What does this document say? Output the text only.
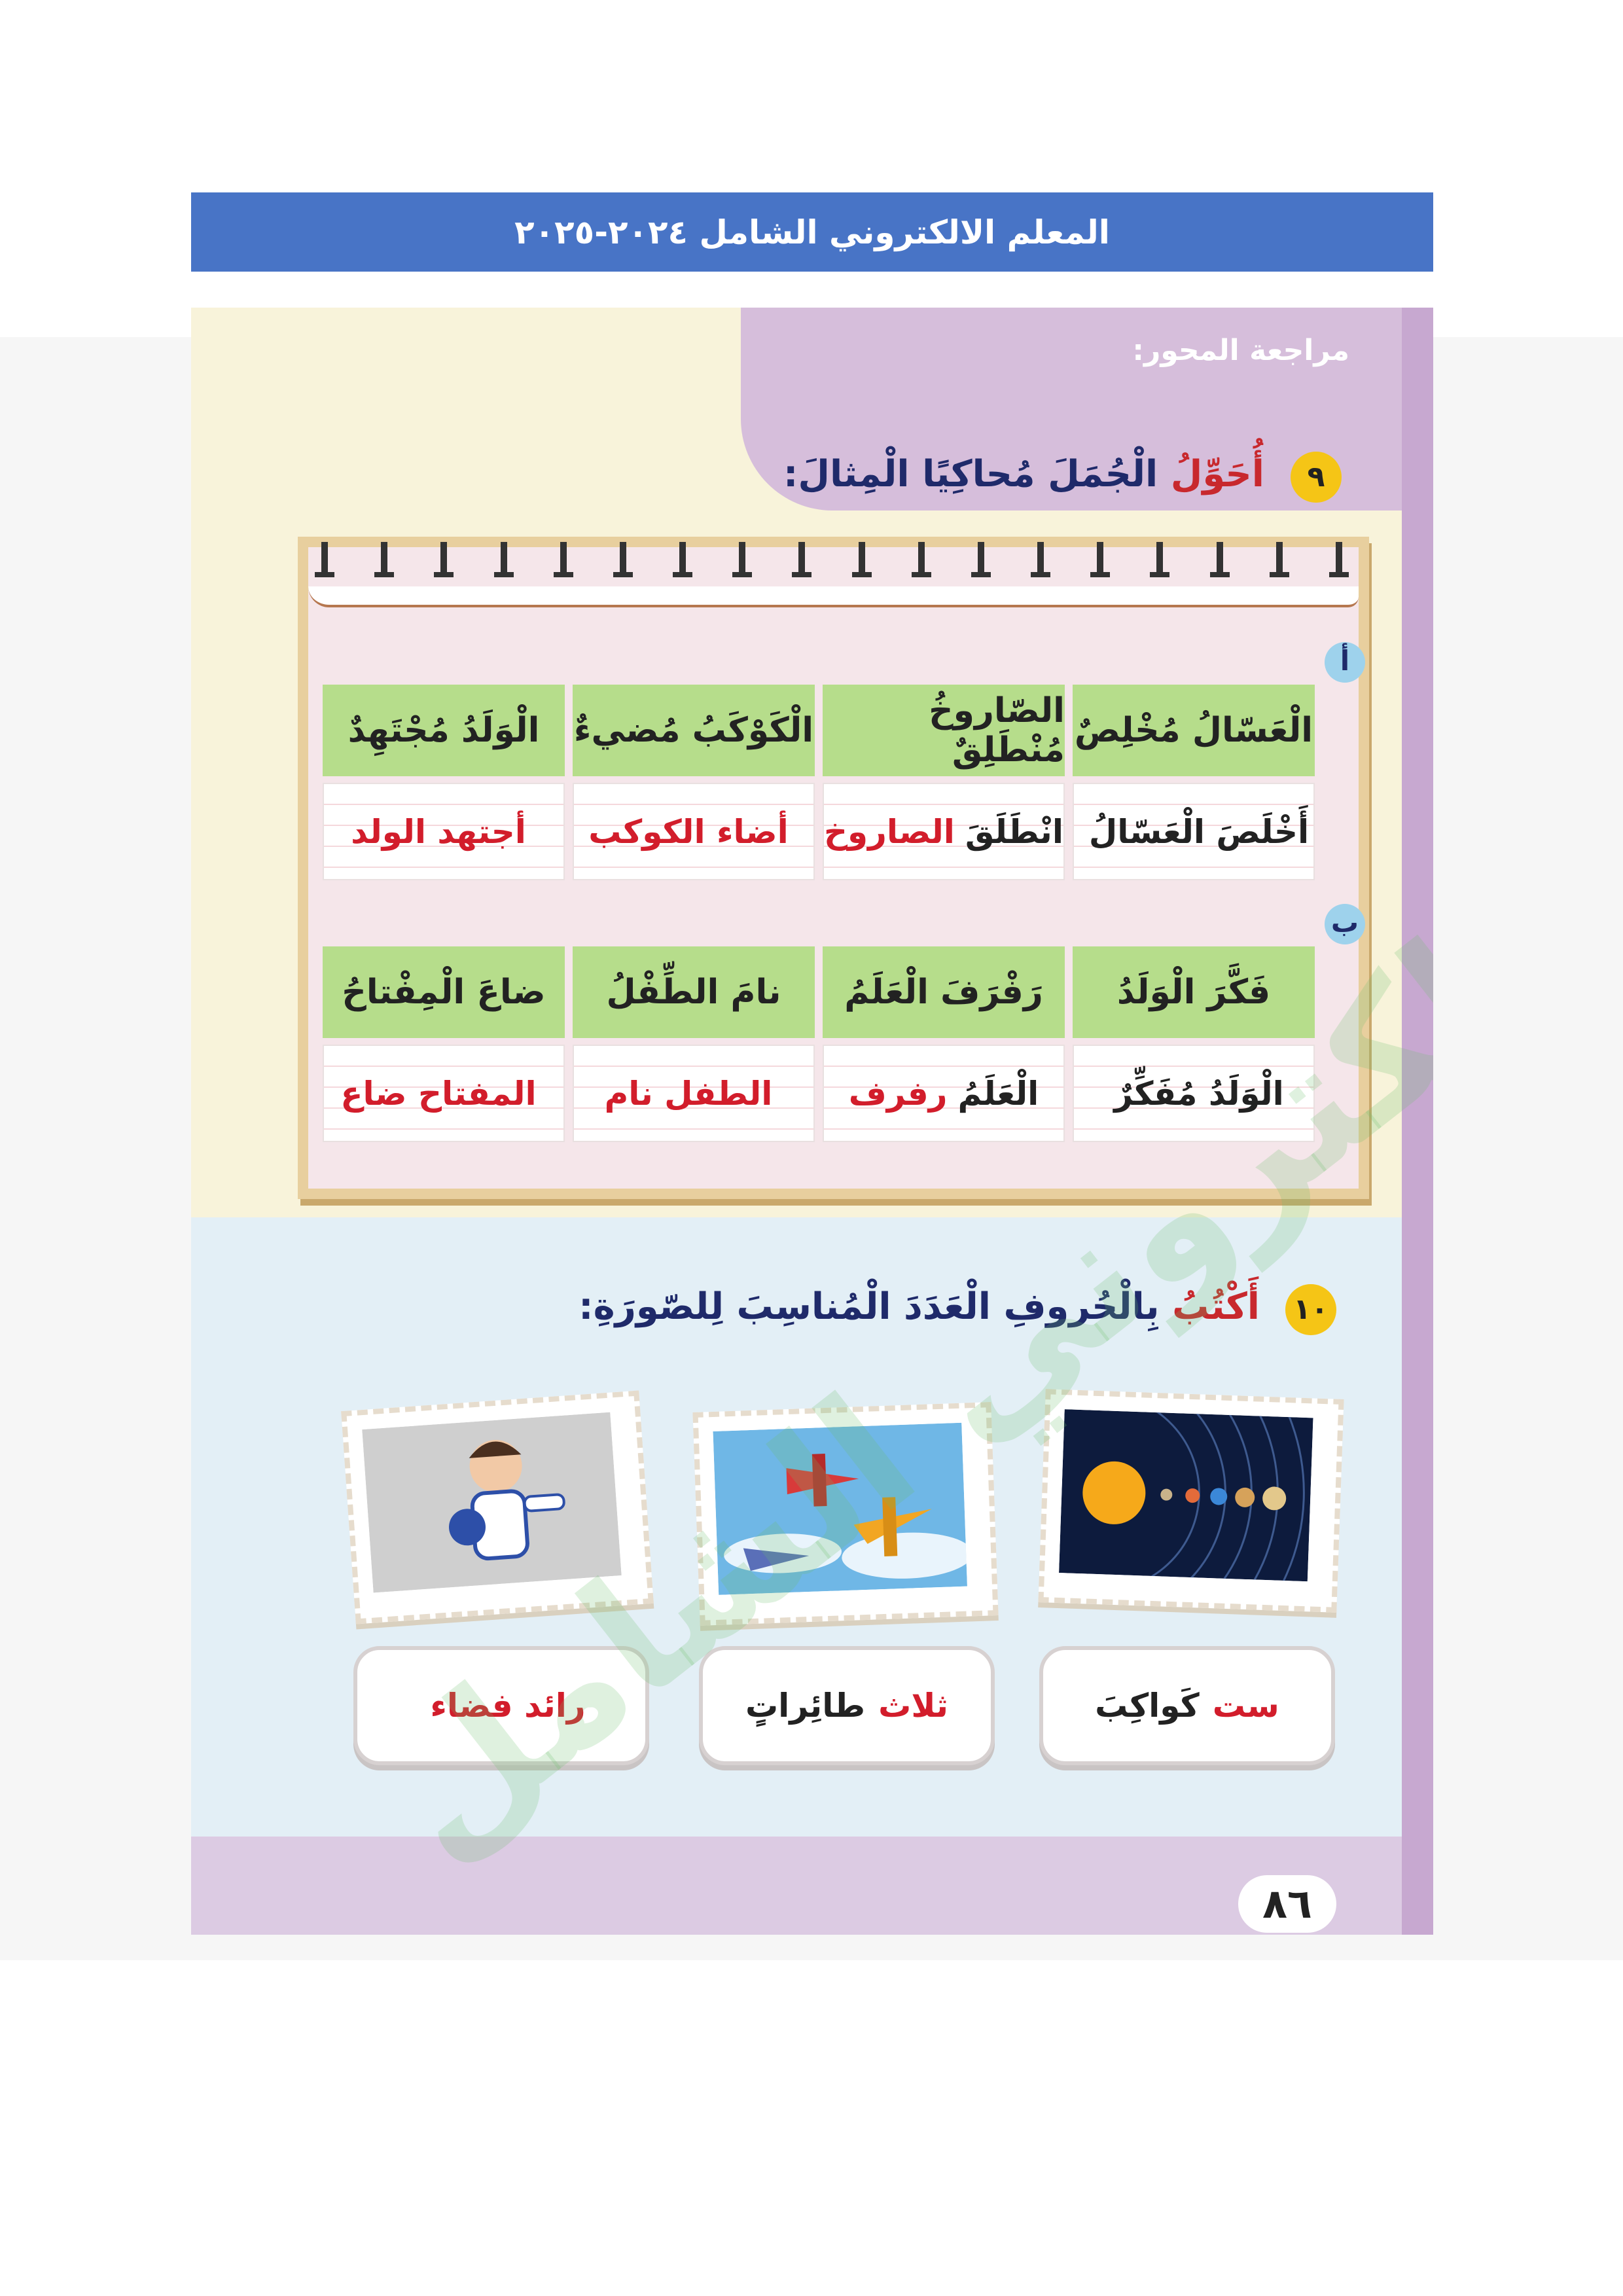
المعلم الالكتروني الشامل ٢٠٢٤-٢٠٢٥
مراجعة المحور:
٩
أُحَوِّلُ الْجُمَلَ مُحاكِيًا الْمِثالَ:
أ
الْعَسّالُ مُخْلِصٌ
الصّاروخُ مُنْطَلِقٌ
الْكَوْكَبُ مُضيءٌ
الْوَلَدُ مُجْتَهِدٌ
أَخْلَصَ الْعَسّالُ
انْطَلَقَ
الصاروخ
أضاء الكوكب
أجتهد الولد
ب
فَكَّرَ الْوَلَدُ
رَفْرَفَ الْعَلَمُ
نامَ الطِّفْلُ
ضاعَ الْمِفْتاحُ
الْوَلَدُ مُفَكِّرٌ
الْعَلَمُ
رفرف
الطفل نام
المفتاح ضاع
١٠
أَكْتُبُ بِالْحُروفِ الْعَدَدَ الْمُناسِبَ لِلصّورَةِ:
ست
كَواكِبَ
ثلاث
طائِراتٍ
رائد فضاء
٨٦
الالكتروني الشامل
